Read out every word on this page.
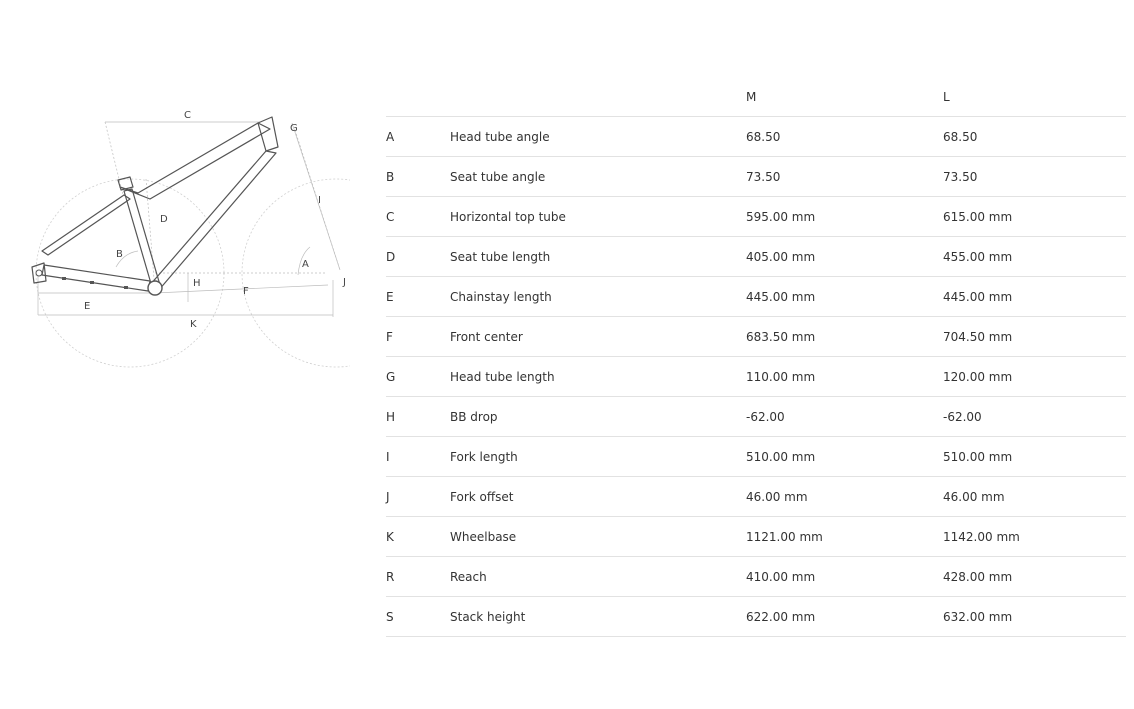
C
G
D
I
B
A
H
F
J
E
K
		M	L
A	Head tube angle	68.50	68.50
B	Seat tube angle	73.50	73.50
C	Horizontal top tube	595.00 mm	615.00 mm
D	Seat tube length	405.00 mm	455.00 mm
E	Chainstay length	445.00 mm	445.00 mm
F	Front center	683.50 mm	704.50 mm
G	Head tube length	110.00 mm	120.00 mm
H	BB drop	-62.00	-62.00
I	Fork length	510.00 mm	510.00 mm
J	Fork offset	46.00 mm	46.00 mm
K	Wheelbase	1121.00 mm	1142.00 mm
R	Reach	410.00 mm	428.00 mm
S	Stack height	622.00 mm	632.00 mm
